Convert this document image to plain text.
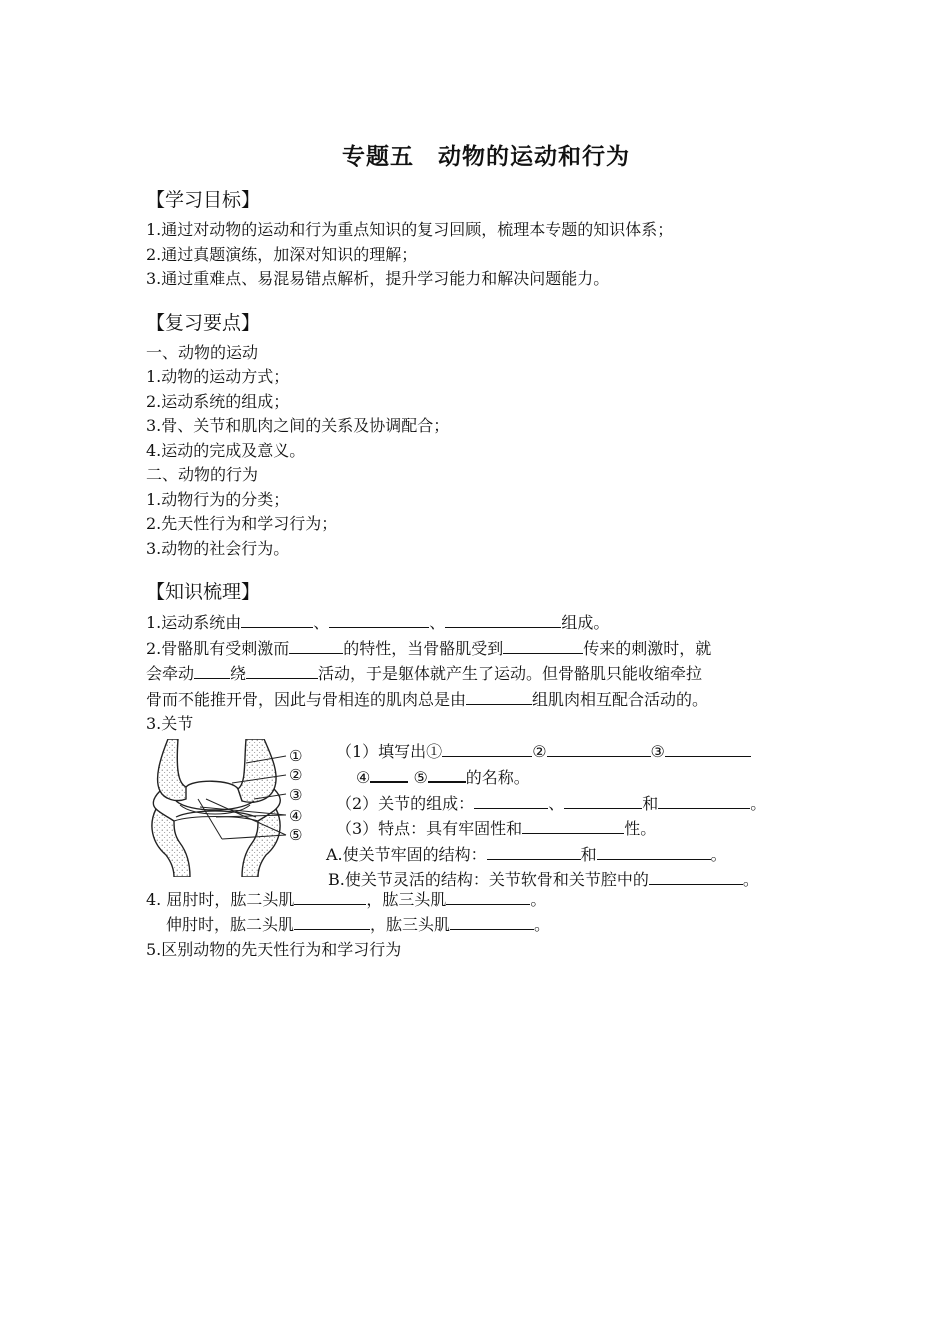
专题五　动物的运动和行为
【学习目标】
1.通过对动物的运动和行为重点知识的复习回顾，梳理本专题的知识体系；
2.通过真题演练，加深对知识的理解；
3.通过重难点、易混易错点解析，提升学习能力和解决问题能力。
【复习要点】
一、动物的运动
1.动物的运动方式；
2.运动系统的组成；
3.骨、关节和肌肉之间的关系及协调配合；
4.运动的完成及意义。
二、动物的行为
1.动物行为的分类；
2.先天性行为和学习行为；
3.动物的社会行为。
【知识梳理】
1.运动系统由	、	、	组成。
2.骨骼肌有受刺激而	的特性，当骨骼肌受到	传来的刺激时，就
会牵动 绕	活动，于是躯体就产生了运动。但骨骼肌只能收缩牵拉
骨而不能推开骨，因此与骨相连的肌肉总是由	组肌肉相互配合活动的。
3.关节
①
②
③
④
⑤
（1）填写出①	②	③
④	⑤ 的名称。
（2）关节的组成：	、	和	。
（3）特点：具有牢固性和	性。
A.使关节牢固的结构：	和	。
B.使关节灵活的结构：关节软骨和关节腔中的	。
4. 屈肘时，肱二头肌	，肱三头肌	。
伸肘时，肱二头肌	，肱三头肌	。
5.区别动物的先天性行为和学习行为
